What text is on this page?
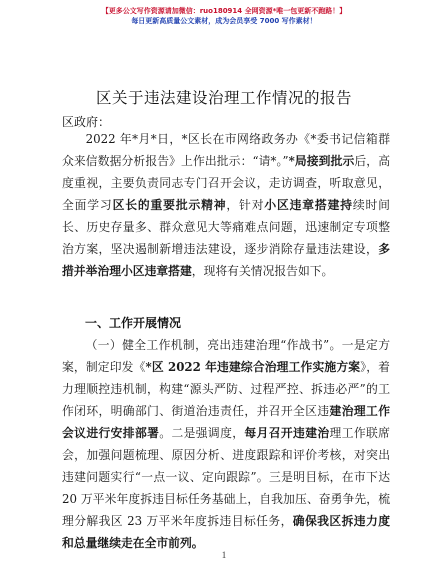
【更多公文写作资源请加微信：ruo180914 全网资源*唯一包更新不跑路！】
每日更新高质量公文素材，成为会员享受 7000 写作素材！
区关于违法建设治理工作情况的报告
区政府：
2022 年*月*日，*区长在市网络政务办《*委书记信箱群众来信数据分析报告》上作出批示：“请*。”*局接到批示后，高度重视，主要负责同志专门召开会议，走访调查，听取意见，全面学习区长的重要批示精神，针对小区违章搭建持续时间长、历史存量多、群众意见大等痛难点问题，迅速制定专项整治方案，坚决遏制新增违法建设，逐步消除存量违法建设，多措并举治理小区违章搭建，现将有关情况报告如下。
一、工作开展情况
（一）健全工作机制，亮出违建治理“作战书”。一是定方案，制定印发《*区 2022 年违建综合治理工作实施方案》，着力理顺控违机制，构建“源头严防、过程严控、拆违必严”的工作闭环，明确部门、街道治违责任，并召开全区违建治理工作会议进行安排部署。二是强调度，每月召开违建治理工作联席会，加强问题梳理、原因分析、进度跟踪和评价考核，对突出违建问题实行“一点一议、定向跟踪”。三是明目标，在市下达 20 万平米年度拆违目标任务基础上，自我加压、奋勇争先，梳理分解我区 23 万平米年度拆违目标任务，确保我区拆违力度和总量继续走在全市前列。
1
